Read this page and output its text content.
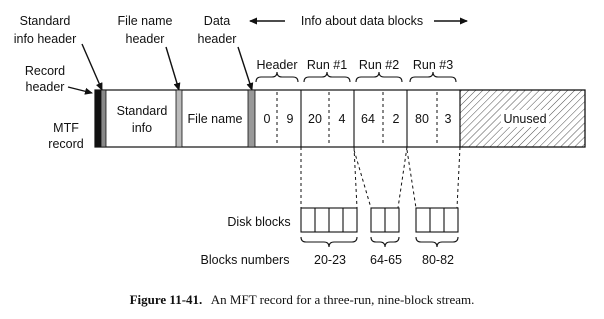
Standard
info header
File name
header
Data
header
Info about data blocks
Record
header
MTF
record
Header Run #1 Run #2 Run #3
Standard
info
File name 0 9 20 4 64 2 80 3	Unused
Disk blocks
Blocks numbers 20-23 64-65 80-82
Figure 11-41. An MFT record for a three-run, nine-block stream.
